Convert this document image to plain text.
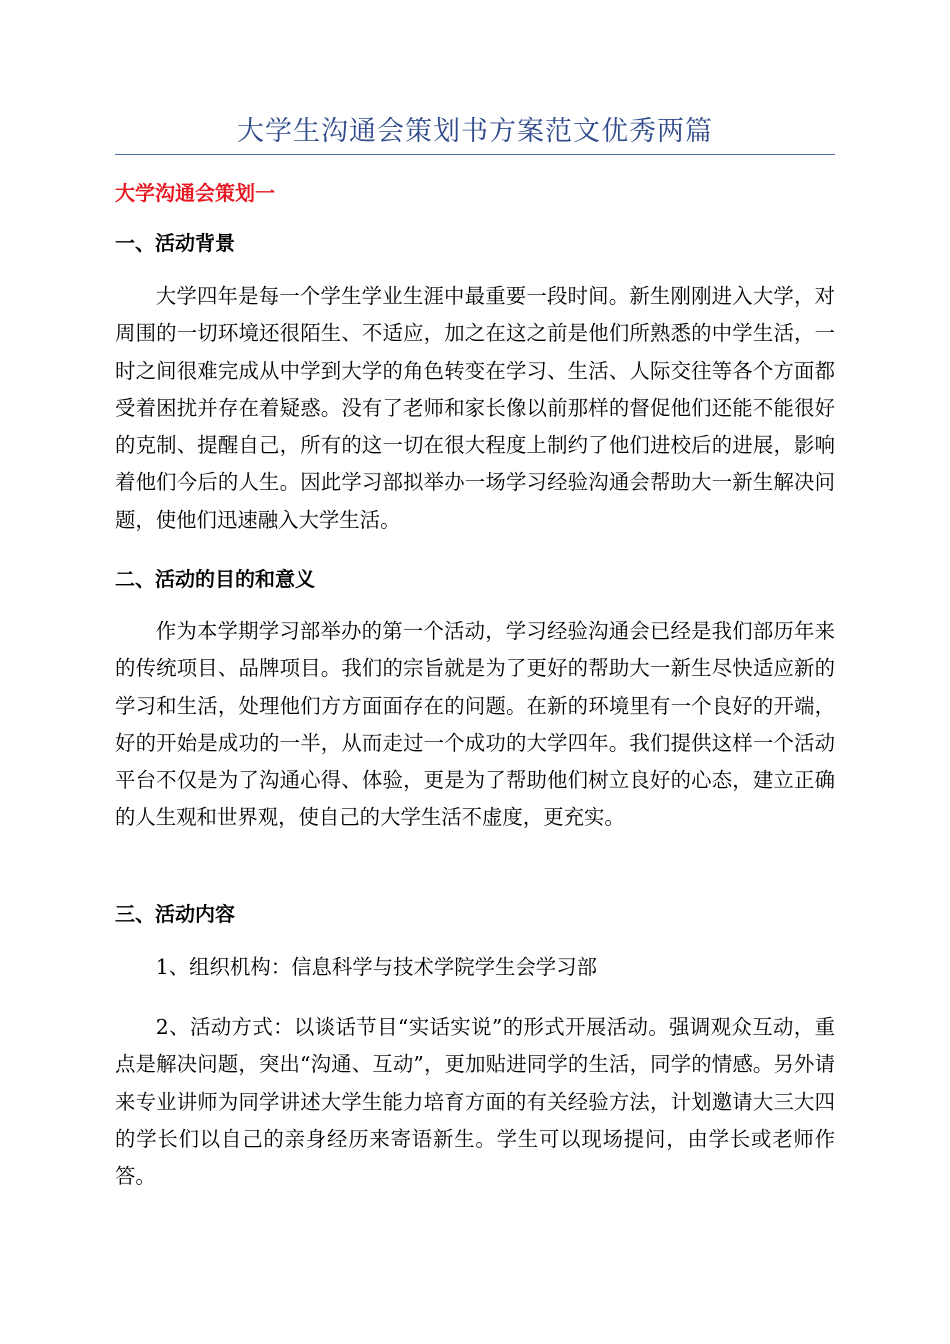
大学生沟通会策划书方案范文优秀两篇
大学沟通会策划一
一、活动背景

大学四年是每一个学生学业生涯中最重要一段时间。新生刚刚进入大学，对周围的一切环境还很陌生、不适应，加之在这之前是他们所熟悉的中学生活，一时之间很难完成从中学到大学的角色转变在学习、生活、人际交往等各个方面都受着困扰并存在着疑惑。没有了老师和家长像以前那样的督促他们还能不能很好的克制、提醒自己，所有的这一切在很大程度上制约了他们进校后的进展，影响着他们今后的人生。因此学习部拟举办一场学习经验沟通会帮助大一新生解决问题，使他们迅速融入大学生活。

二、活动的目的和意义

作为本学期学习部举办的第一个活动，学习经验沟通会已经是我们部历年来的传统项目、品牌项目。我们的宗旨就是为了更好的帮助大一新生尽快适应新的学习和生活，处理他们方方面面存在的问题。在新的环境里有一个良好的开端，好的开始是成功的一半，从而走过一个成功的大学四年。我们提供这样一个活动平台不仅是为了沟通心得、体验，更是为了帮助他们树立良好的心态，建立正确的人生观和世界观，使自己的大学生活不虚度，更充实。

三、活动内容

1、组织机构：信息科学与技术学院学生会学习部

2、活动方式：以谈话节目“实话实说”的形式开展活动。强调观众互动，重点是解决问题，突出“沟通、互动”，更加贴进同学的生活，同学的情感。另外请来专业讲师为同学讲述大学生能力培育方面的有关经验方法，计划邀请大三大四的学长们以自己的亲身经历来寄语新生。学生可以现场提问，由学长或老师作答。
